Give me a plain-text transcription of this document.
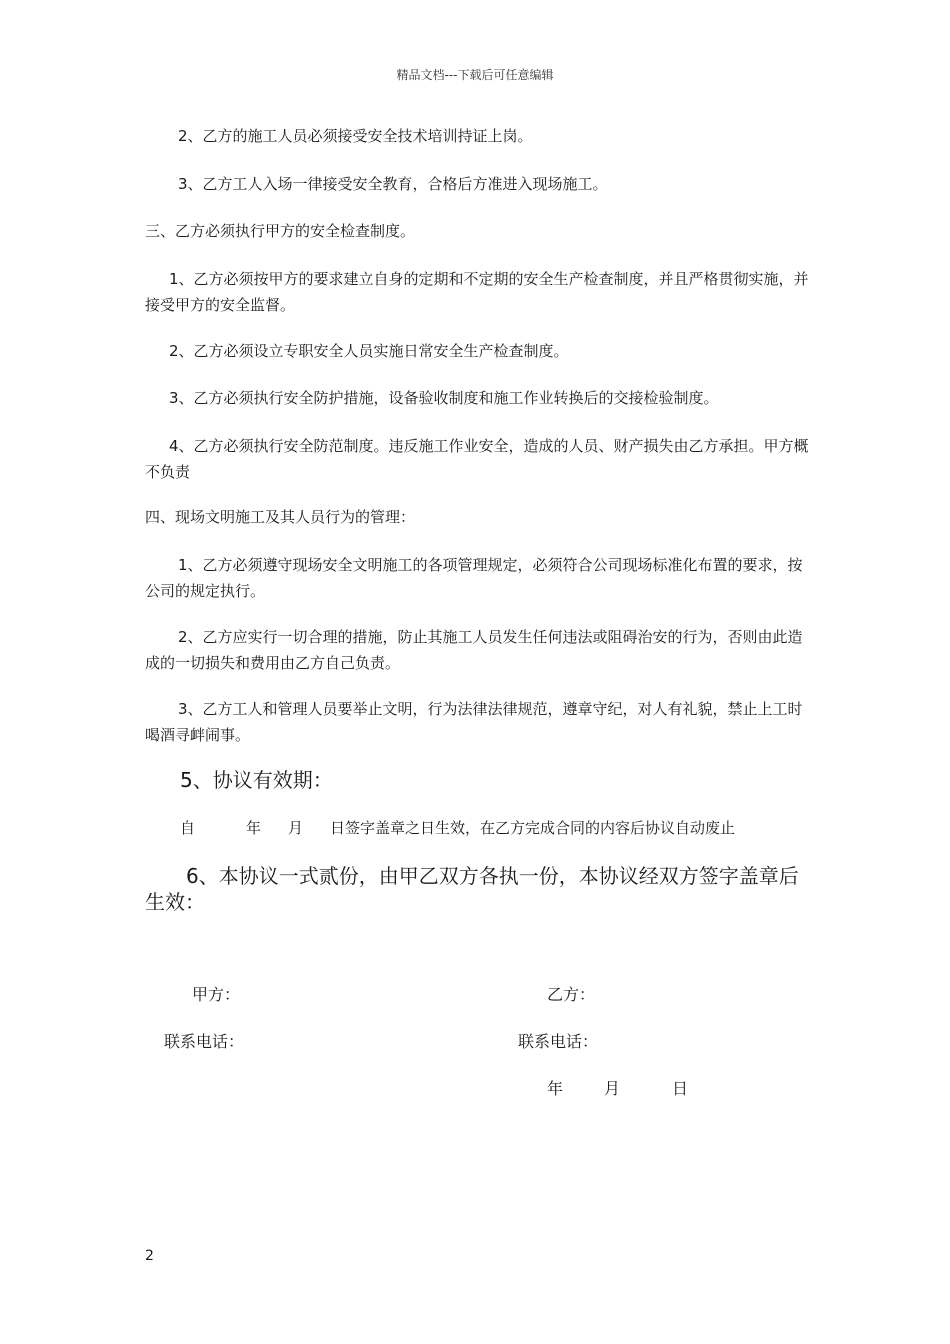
精品文档---下载后可任意编辑
2、乙方的施工人员必须接受安全技术培训持证上岗。
3、乙方工人入场一律接受安全教育，合格后方准进入现场施工。
三、乙方必须执行甲方的安全检查制度。
1、乙方必须按甲方的要求建立自身的定期和不定期的安全生产检查制度，并且严格贯彻实施，并接受甲方的安全监督。
2、乙方必须设立专职安全人员实施日常安全生产检查制度。
3、乙方必须执行安全防护措施，设备验收制度和施工作业转换后的交接检验制度。
4、乙方必须执行安全防范制度。违反施工作业安全，造成的人员、财产损失由乙方承担。甲方概不负责
四、现场文明施工及其人员行为的管理：
1、乙方必须遵守现场安全文明施工的各项管理规定，必须符合公司现场标准化布置的要求，按公司的规定执行。
2、乙方应实行一切合理的措施，防止其施工人员发生任何违法或阻碍治安的行为，否则由此造成的一切损失和费用由乙方自己负责。
3、乙方工人和管理人员要举止文明，行为法律法律规范，遵章守纪，对人有礼貌，禁止上工时喝酒寻衅闹事。
5、协议有效期：
自	年 月 日签字盖章之日生效，在乙方完成合同的内容后协议自动废止
6、本协议一式贰份，由甲乙双方各执一份，本协议经双方签字盖章后生效：
甲方：	乙方：
联系电话：	联系电话：
年	月	日
2
